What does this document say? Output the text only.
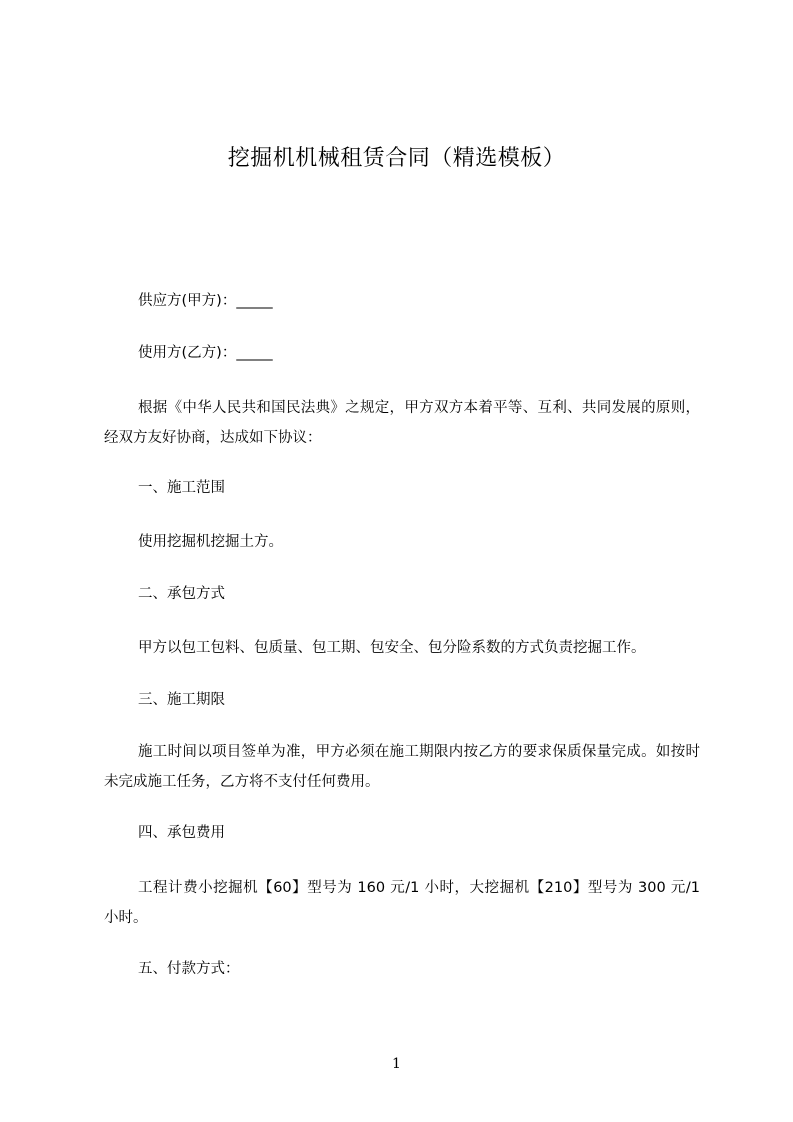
挖掘机机械租赁合同（精选模板）
供应方(甲方)：_____
使用方(乙方)：_____
根据《中华人民共和国民法典》之规定，甲方双方本着平等、互利、共同发展的原则，经双方友好协商，达成如下协议：
一、施工范围
使用挖掘机挖掘土方。
二、承包方式
甲方以包工包料、包质量、包工期、包安全、包分险系数的方式负责挖掘工作。
三、施工期限
施工时间以项目签单为准，甲方必须在施工期限内按乙方的要求保质保量完成。如按时未完成施工任务，乙方将不支付任何费用。
四、承包费用
工程计费小挖掘机【60】型号为 160 元/1 小时，大挖掘机【210】型号为 300 元/1 小时。
五、付款方式：
1
